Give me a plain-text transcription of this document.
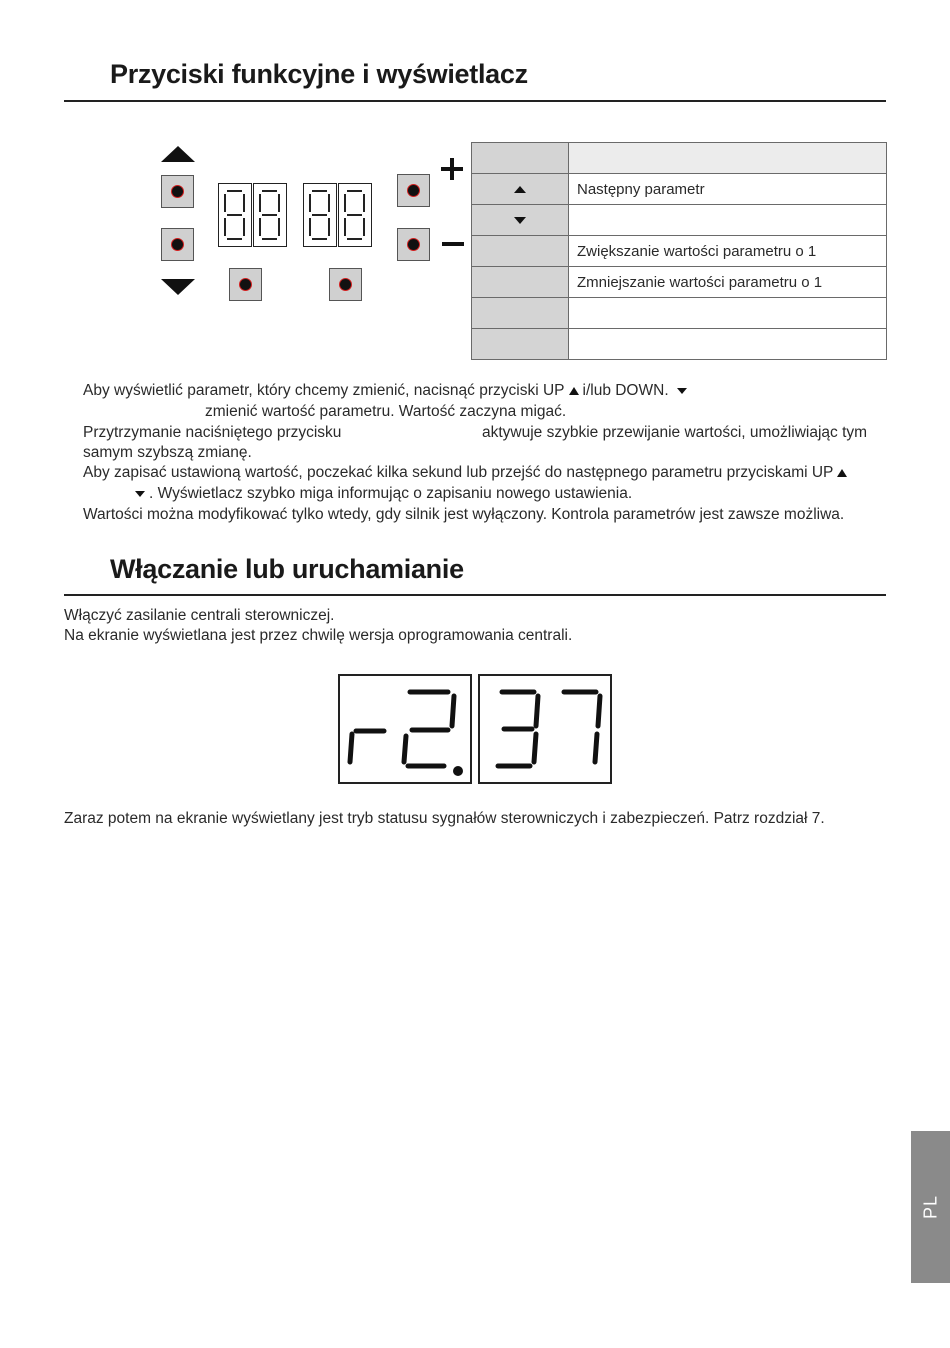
Przyciski funkcyjne i wyświetlacz

	Następny parametr

	Zwiększanie wartości parametru o 1
	Zmniejszanie wartości parametru o 1

Aby wyświetlić parametr, który chcemy zmienić, nacisnąć przyciski UP i/lub DOWN.
zmienić wartość parametru. Wartość zaczyna migać.
Przytrzymanie naciśniętego przycisku	aktywuje szybkie przewijanie wartości, umożliwiając tym
samym szybszą zmianę.
Aby zapisać ustawioną wartość, poczekać kilka sekund lub przejść do następnego parametru przyciskami UP
. Wyświetlacz szybko miga informując o zapisaniu nowego ustawienia.
Wartości można modyfikować tylko wtedy, gdy silnik jest wyłączony. Kontrola parametrów jest zawsze możliwa.
Włączanie lub uruchamianie
Włączyć zasilanie centrali sterowniczej.
Na ekranie wyświetlana jest przez chwilę wersja oprogramowania centrali.
Zaraz potem na ekranie wyświetlany jest tryb statusu sygnałów sterowniczych i zabezpieczeń. Patrz rozdział 7.
PL
